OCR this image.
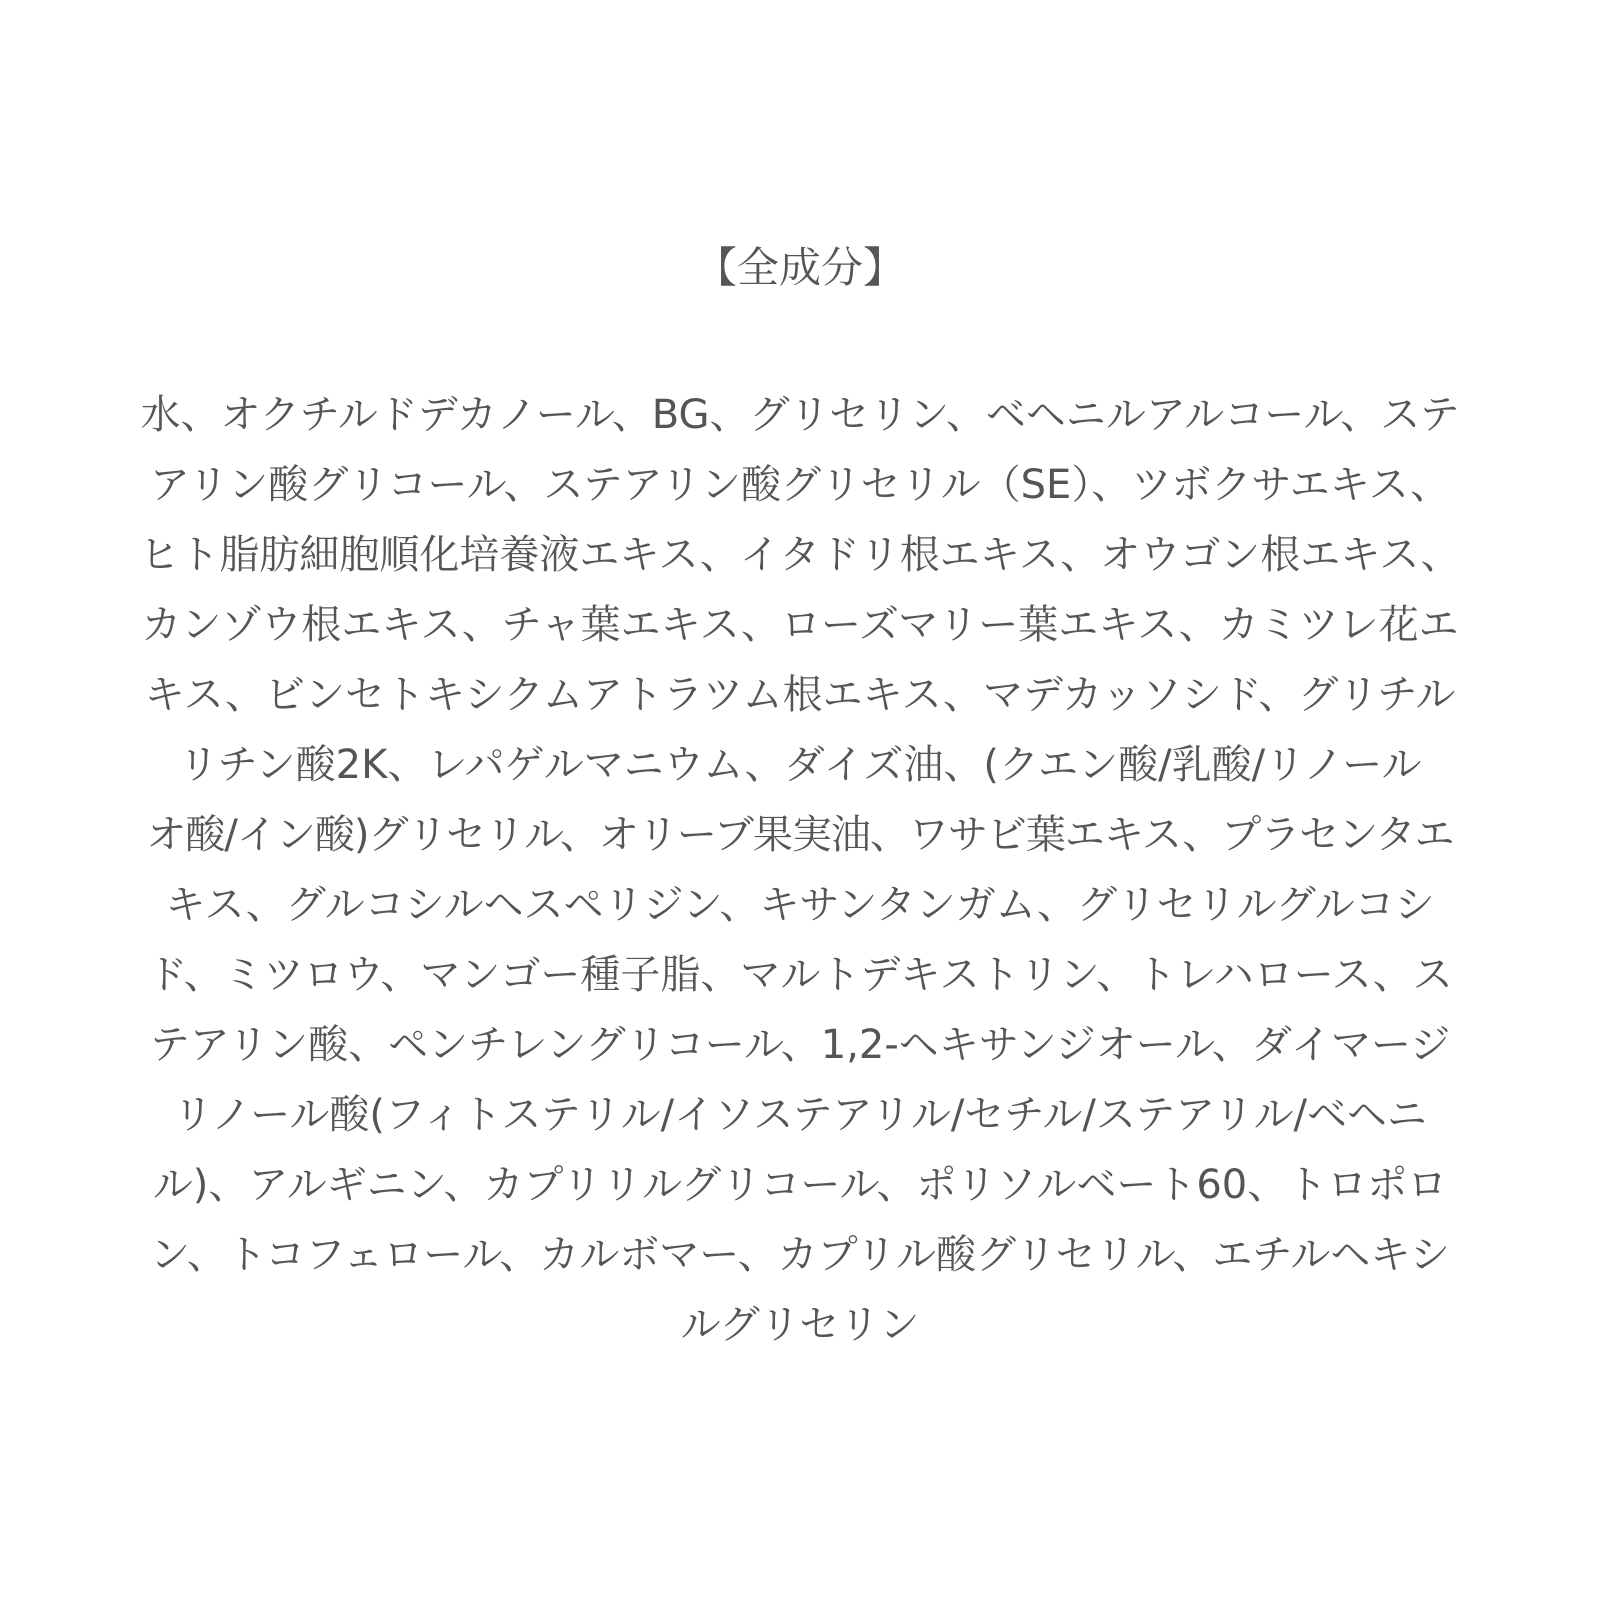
【全成分】
水、オクチルドデカノール、BG、グリセリン、ベヘニルアルコール、ステ
アリン酸グリコール、ステアリン酸グリセリル（SE）、ツボクサエキス、
ヒト脂肪細胞順化培養液エキス、イタドリ根エキス、オウゴン根エキス、
カンゾウ根エキス、チャ葉エキス、ローズマリー葉エキス、カミツレ花エ
キス、ビンセトキシクムアトラツム根エキス、マデカッソシド、グリチル
リチン酸2K、レパゲルマニウム、ダイズ油、(クエン酸/乳酸/リノール
オ酸/イン酸)グリセリル、オリーブ果実油、ワサビ葉エキス、プラセンタエ
キス、グルコシルヘスペリジン、キサンタンガム、グリセリルグルコシ
ド、ミツロウ、マンゴー種子脂、マルトデキストリン、トレハロース、ス
テアリン酸、ペンチレングリコール、1,2-ヘキサンジオール、ダイマージ
リノール酸(フィトステリル/イソステアリル/セチル/ステアリル/ベヘニ
ル)、アルギニン、カプリリルグリコール、ポリソルベート60、トロポロ
ン、トコフェロール、カルボマー、カプリル酸グリセリル、エチルヘキシ
ルグリセリン
